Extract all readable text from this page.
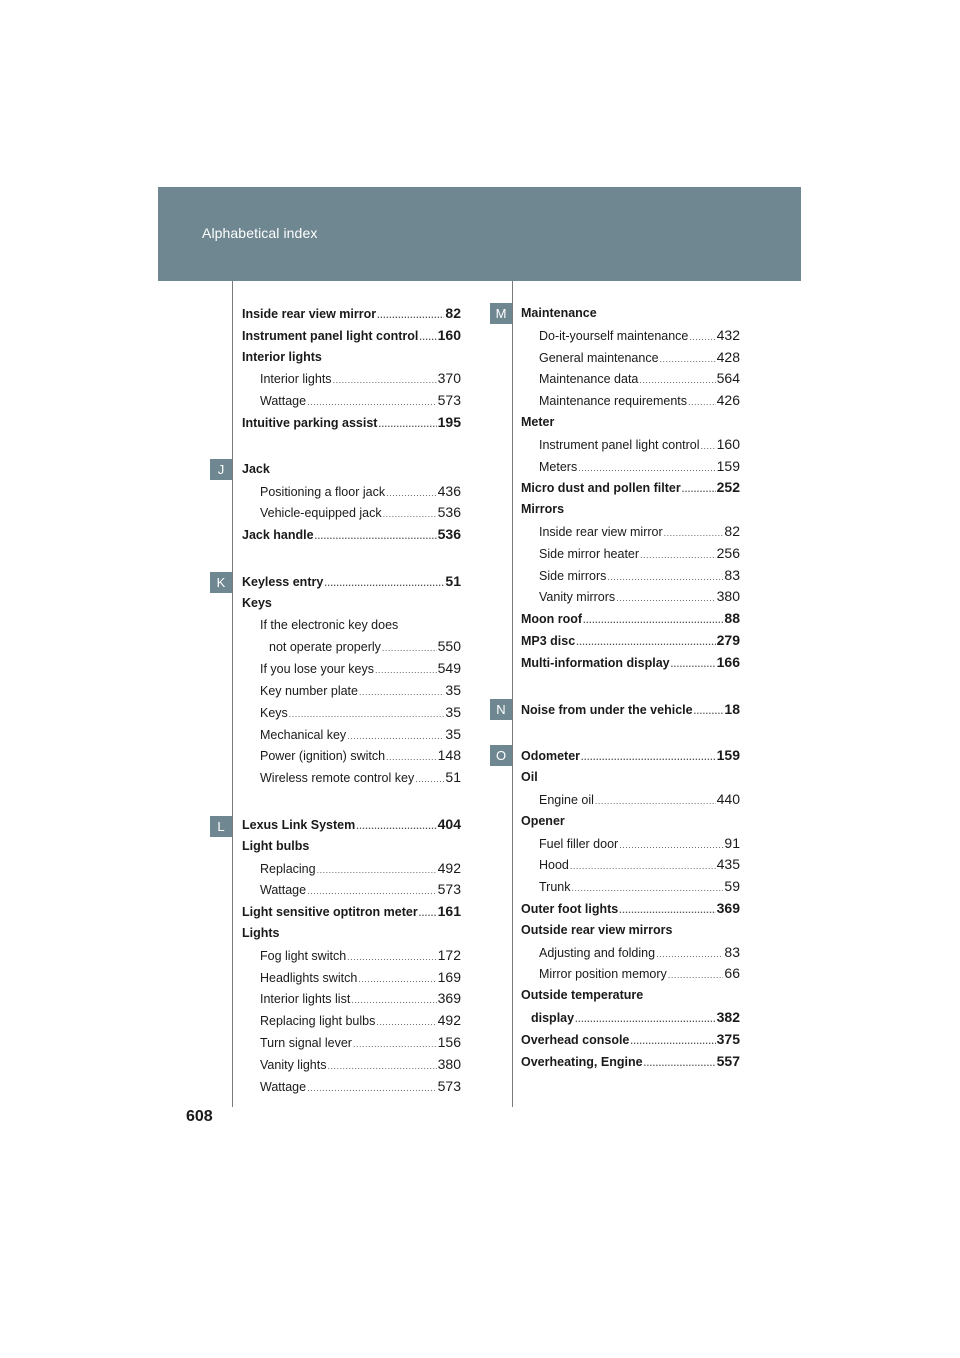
Alphabetical index
J
K
L
M
N
O
Inside rear view mirror .....	82
Instrument panel light control ..... 160
Interior lights
Interior lights .....	370
Wattage .....	573
Intuitive parking assist .....	195
Jack
Positioning a floor jack .....	436
Vehicle-equipped jack .....	536
Jack handle .....	536
Keyless entry .....	51
Keys
If the electronic key does
not operate properly .....	550
If you lose your keys .....	549
Key number plate .....	35
Keys .....	35
Mechanical key .....	35
Power (ignition) switch .....	148
Wireless remote control key ..... 51
Lexus Link System .....	404
Light bulbs
Replacing .....	492
Wattage .....	573
Light sensitive optitron meter ..... 161
Lights
Fog light switch .....	172
Headlights switch .....	169
Interior lights list .....	369
Replacing light bulbs .....	492
Turn signal lever .....	156
Vanity lights .....	380
Wattage .....	573
Maintenance
Do-it-yourself maintenance ..... 432
General maintenance .....	428
Maintenance data .....	564
Maintenance requirements ..... 426
Meter
Instrument panel light control ..... 160
Meters .....	159
Micro dust and pollen filter .....	252
Mirrors
Inside rear view mirror .....	82
Side mirror heater .....	256
Side mirrors .....	83
Vanity mirrors .....	380
Moon roof .....	88
MP3 disc .....	279
Multi-information display .....	166
Noise from under the vehicle ..... 18
Odometer .....	159
Oil
Engine oil .....	440
Opener
Fuel filler door .....	91
Hood .....	435
Trunk .....	59
Outer foot lights .....	369
Outside rear view mirrors
Adjusting and folding .....	83
Mirror position memory .....	66
Outside temperature
display .....	382
Overhead console .....	375
Overheating, Engine .....	557
608
